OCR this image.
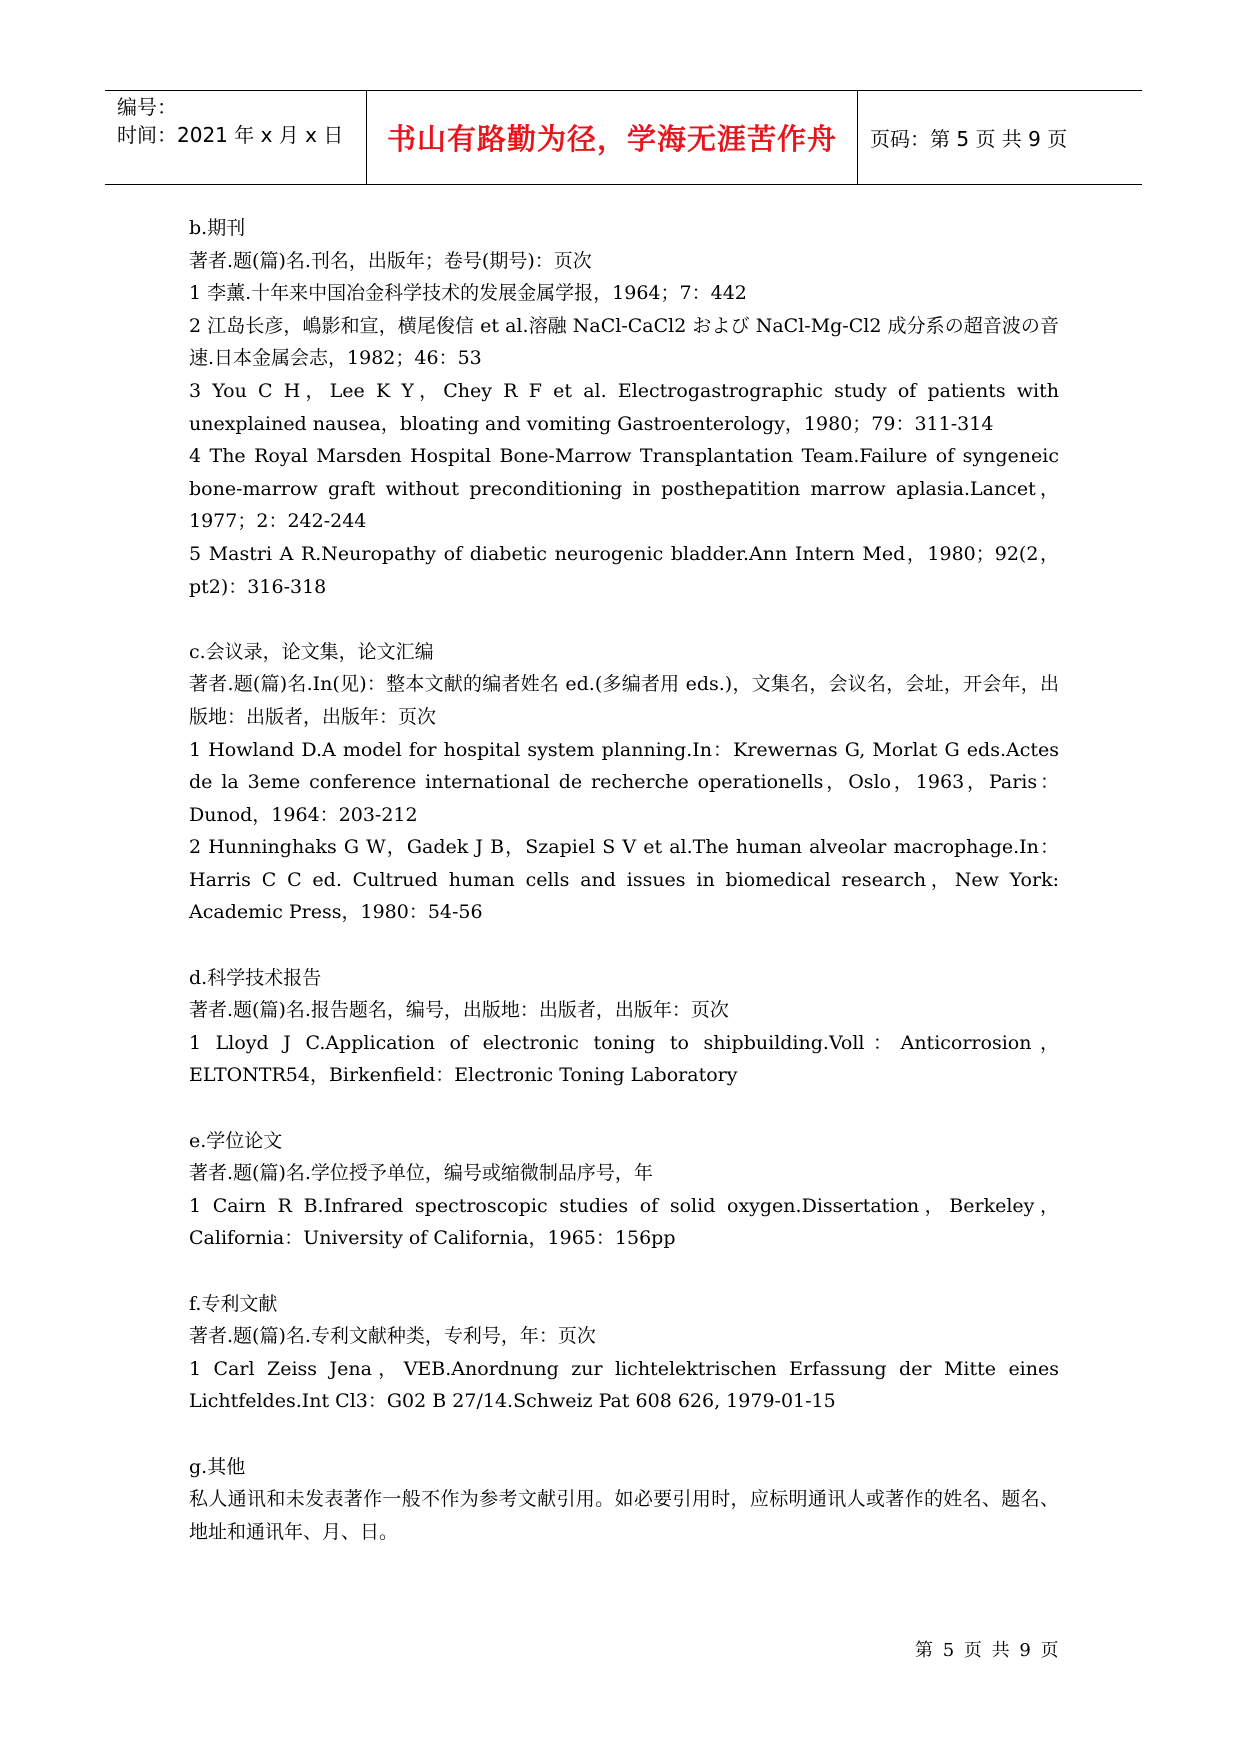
编号：
时间：2021 年 x 月 x 日	书山有路勤为径，学海无涯苦作舟 页码：第 5 页 共 9 页

b.期刊

著者.题(篇)名.刊名，出版年；卷号(期号)：页次

1 李薰.十年来中国冶金科学技术的发展金属学报，1964；7：442

2 江岛长彦，嶋影和宣，横尾俊信 et al.溶融 NaCl-CaCl2 および NaCl-Mg-Cl2 成分系の超音波の音速.日本金属会志，1982；46：53

3 You C H，Lee K Y，Chey R F et al. Electrogastrographic study of patients with unexplained nausea，bloating and vomiting Gastroenterology，1980；79：311-314

4 The Royal Marsden Hospital Bone-Marrow Transplantation Team.Failure of syngeneic bone-marrow graft without preconditioning in posthepatition marrow aplasia.Lancet，1977；2：242-244

5 Mastri A R.Neuropathy of diabetic neurogenic bladder.Ann Intern Med，1980；92(2，pt2)：316-318

c.会议录，论文集，论文汇编

著者.题(篇)名.In(见)：整本文献的编者姓名 ed.(多编者用 eds.)，文集名，会议名，会址，开会年，出版地：出版者，出版年：页次

1 Howland D.A model for hospital system planning.In：Krewernas G, Morlat G eds.Actes de la 3eme conference international de recherche operationells，Oslo，1963，Paris：Dunod，1964：203-212

2 Hunninghaks G W，Gadek J B，Szapiel S V et al.The human alveolar macrophage.In：Harris C C ed. Cultrued human cells and issues in biomedical research，New York: Academic Press，1980：54-56

d.科学技术报告

著者.题(篇)名.报告题名，编号，出版地：出版者，出版年：页次

1 Lloyd J C.Application of electronic toning to shipbuilding.Voll：Anticorrosion，ELTONTR54，Birkenfield：Electronic Toning Laboratory

e.学位论文

著者.题(篇)名.学位授予单位，编号或缩微制品序号，年

1 Cairn R B.Infrared spectroscopic studies of solid oxygen.Dissertation，Berkeley，California：University of California，1965：156pp

f.专利文献

著者.题(篇)名.专利文献种类，专利号，年：页次

1 Carl Zeiss Jena，VEB.Anordnung zur lichtelektrischen Erfassung der Mitte eines Lichtfeldes.Int Cl3：G02 B 27/14.Schweiz Pat 608 626, 1979-01-15

g.其他

私人通讯和未发表著作一般不作为参考文献引用。如必要引用时，应标明通讯人或著作的姓名、题名、地址和通讯年、月、日。

第 5 页 共 9 页
